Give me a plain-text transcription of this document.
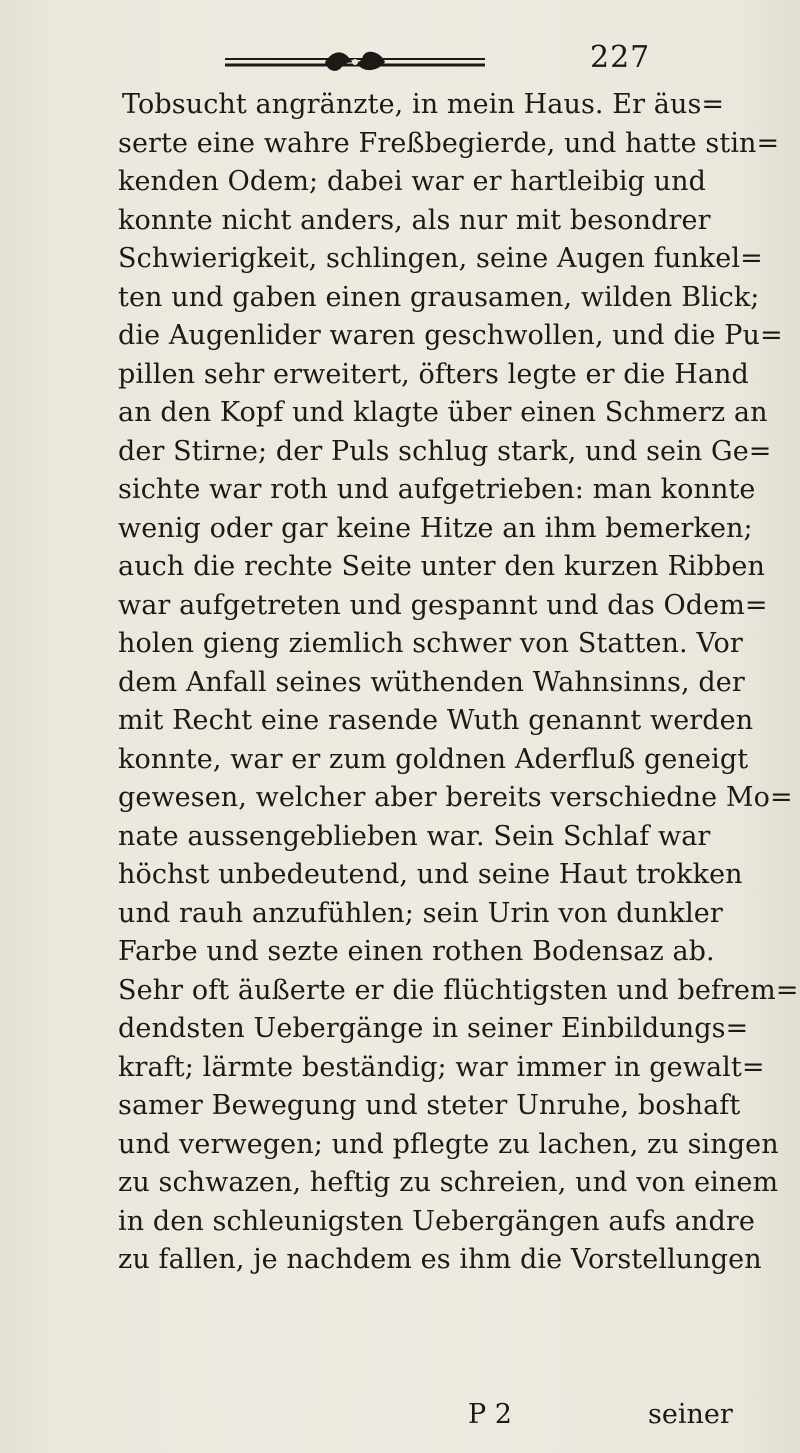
227
Tobsucht angränzte, in mein Haus. Er äus=
serte eine wahre Freßbegierde, und hatte stin=
kenden Odem; dabei war er hartleibig und
konnte nicht anders, als nur mit besondrer
Schwierigkeit, schlingen, seine Augen funkel=
ten und gaben einen grausamen, wilden Blick;
die Augenlider waren geschwollen, und die Pu=
pillen sehr erweitert, öfters legte er die Hand
an den Kopf und klagte über einen Schmerz an
der Stirne; der Puls schlug stark, und sein Ge=
sichte war roth und aufgetrieben: man konnte
wenig oder gar keine Hitze an ihm bemerken;
auch die rechte Seite unter den kurzen Ribben
war aufgetreten und gespannt und das Odem=
holen gieng ziemlich schwer von Statten. Vor
dem Anfall seines wüthenden Wahnsinns, der
mit Recht eine rasende Wuth genannt werden
konnte, war er zum goldnen Aderfluß geneigt
gewesen, welcher aber bereits verschiedne Mo=
nate aussengeblieben war. Sein Schlaf war
höchst unbedeutend, und seine Haut trokken
und rauh anzufühlen; sein Urin von dunkler
Farbe und sezte einen rothen Bodensaz ab.
Sehr oft äußerte er die flüchtigsten und befrem=
dendsten Uebergänge in seiner Einbildungs=
kraft; lärmte beständig; war immer in gewalt=
samer Bewegung und steter Unruhe, boshaft
und verwegen; und pflegte zu lachen, zu singen
zu schwazen, heftig zu schreien, und von einem
in den schleunigsten Uebergängen aufs andre
zu fallen, je nachdem es ihm die Vorstellungen
P 2	seiner
